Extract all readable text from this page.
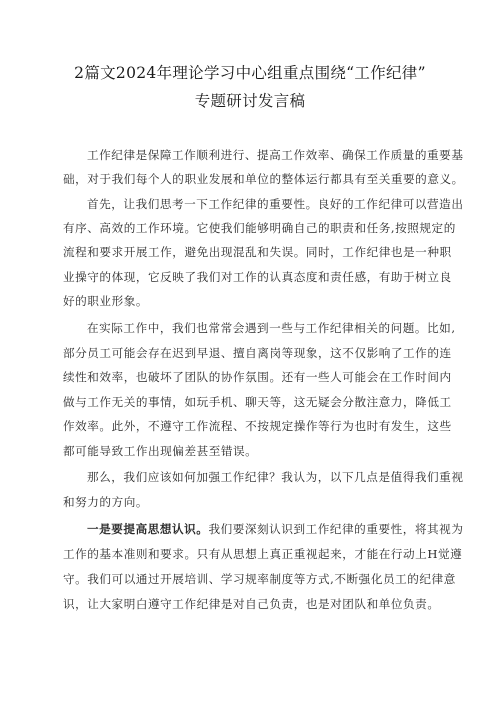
2篇文2024年理论学习中心组重点围绕“工作纪律”
专题研讨发言稿
工作纪律是保障工作顺利进行、提高工作效率、确保工作质量的重要基
础，对于我们每个人的职业发展和单位的整体运行都具有至关重要的意义。
首先，让我们思考一下工作纪律的重要性。良好的工作纪律可以营造出
有序、高效的工作环境。它使我们能够明确自己的职责和任务,按照规定的
流程和要求开展工作，避免出现混乱和失误。同时，工作纪律也是一种职
业操守的体现，它反映了我们对工作的认真态度和责任感，有助于树立良
好的职业形象。
在实际工作中，我们也常常会遇到一些与工作纪律相关的问题。比如,
部分员工可能会存在迟到早退、擅自离岗等现象，这不仅影响了工作的连
续性和效率，也破坏了团队的协作氛围。还有一些人可能会在工作时间内
做与工作无关的事情，如玩手机、聊天等，这无疑会分散注意力，降低工
作效率。此外，不遵守工作流程、不按规定操作等行为也时有发生，这些
都可能导致工作出现偏差甚至错误。
那么，我们应该如何加强工作纪律？我认为，以下几点是值得我们重视
和努力的方向。
一是要提高思想认识。我们要深刻认识到工作纪律的重要性，将其视为
工作的基本准则和要求。只有从思想上真正重视起来，才能在行动上H觉遵
守。我们可以通过开展培训、学习规率制度等方式,不断强化员工的纪律意
识，让大家明白遵守工作纪律是对自己负责，也是对团队和单位负责。
